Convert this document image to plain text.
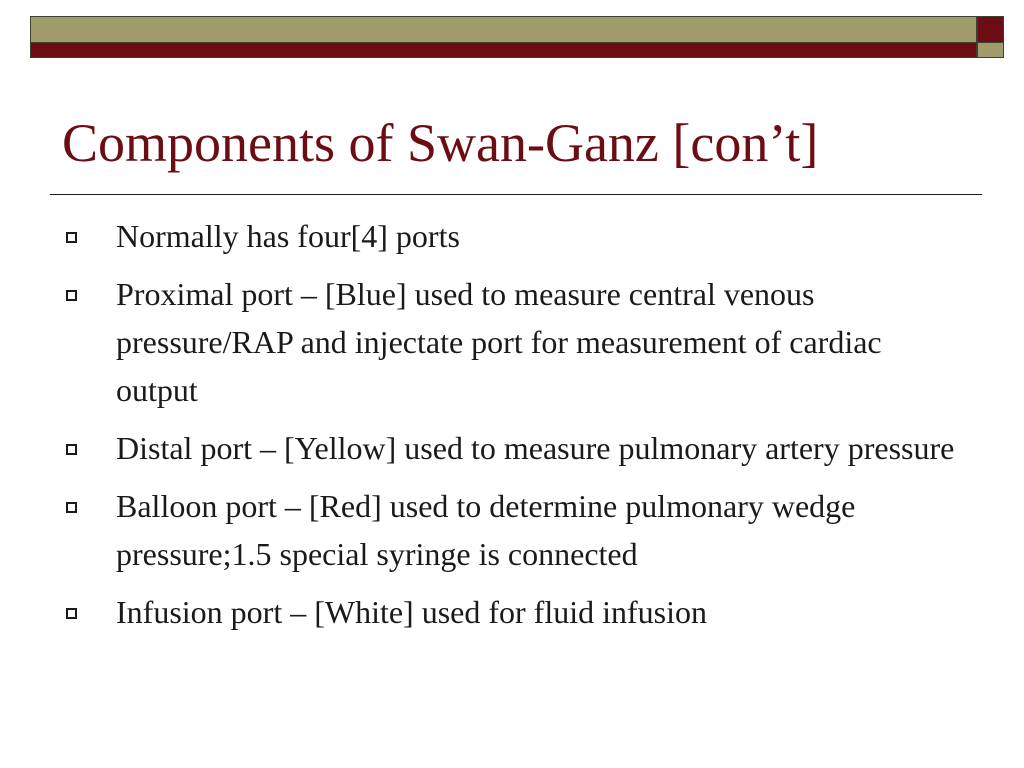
Components of Swan-Ganz [con’t]
Normally has four[4] ports
Proximal port – [Blue] used to measure central venous pressure/RAP and injectate port for measurement of cardiac output
Distal port – [Yellow] used to measure pulmonary artery pressure
Balloon port – [Red] used to determine pulmonary wedge pressure;1.5 special syringe is connected
Infusion port – [White] used for fluid infusion
